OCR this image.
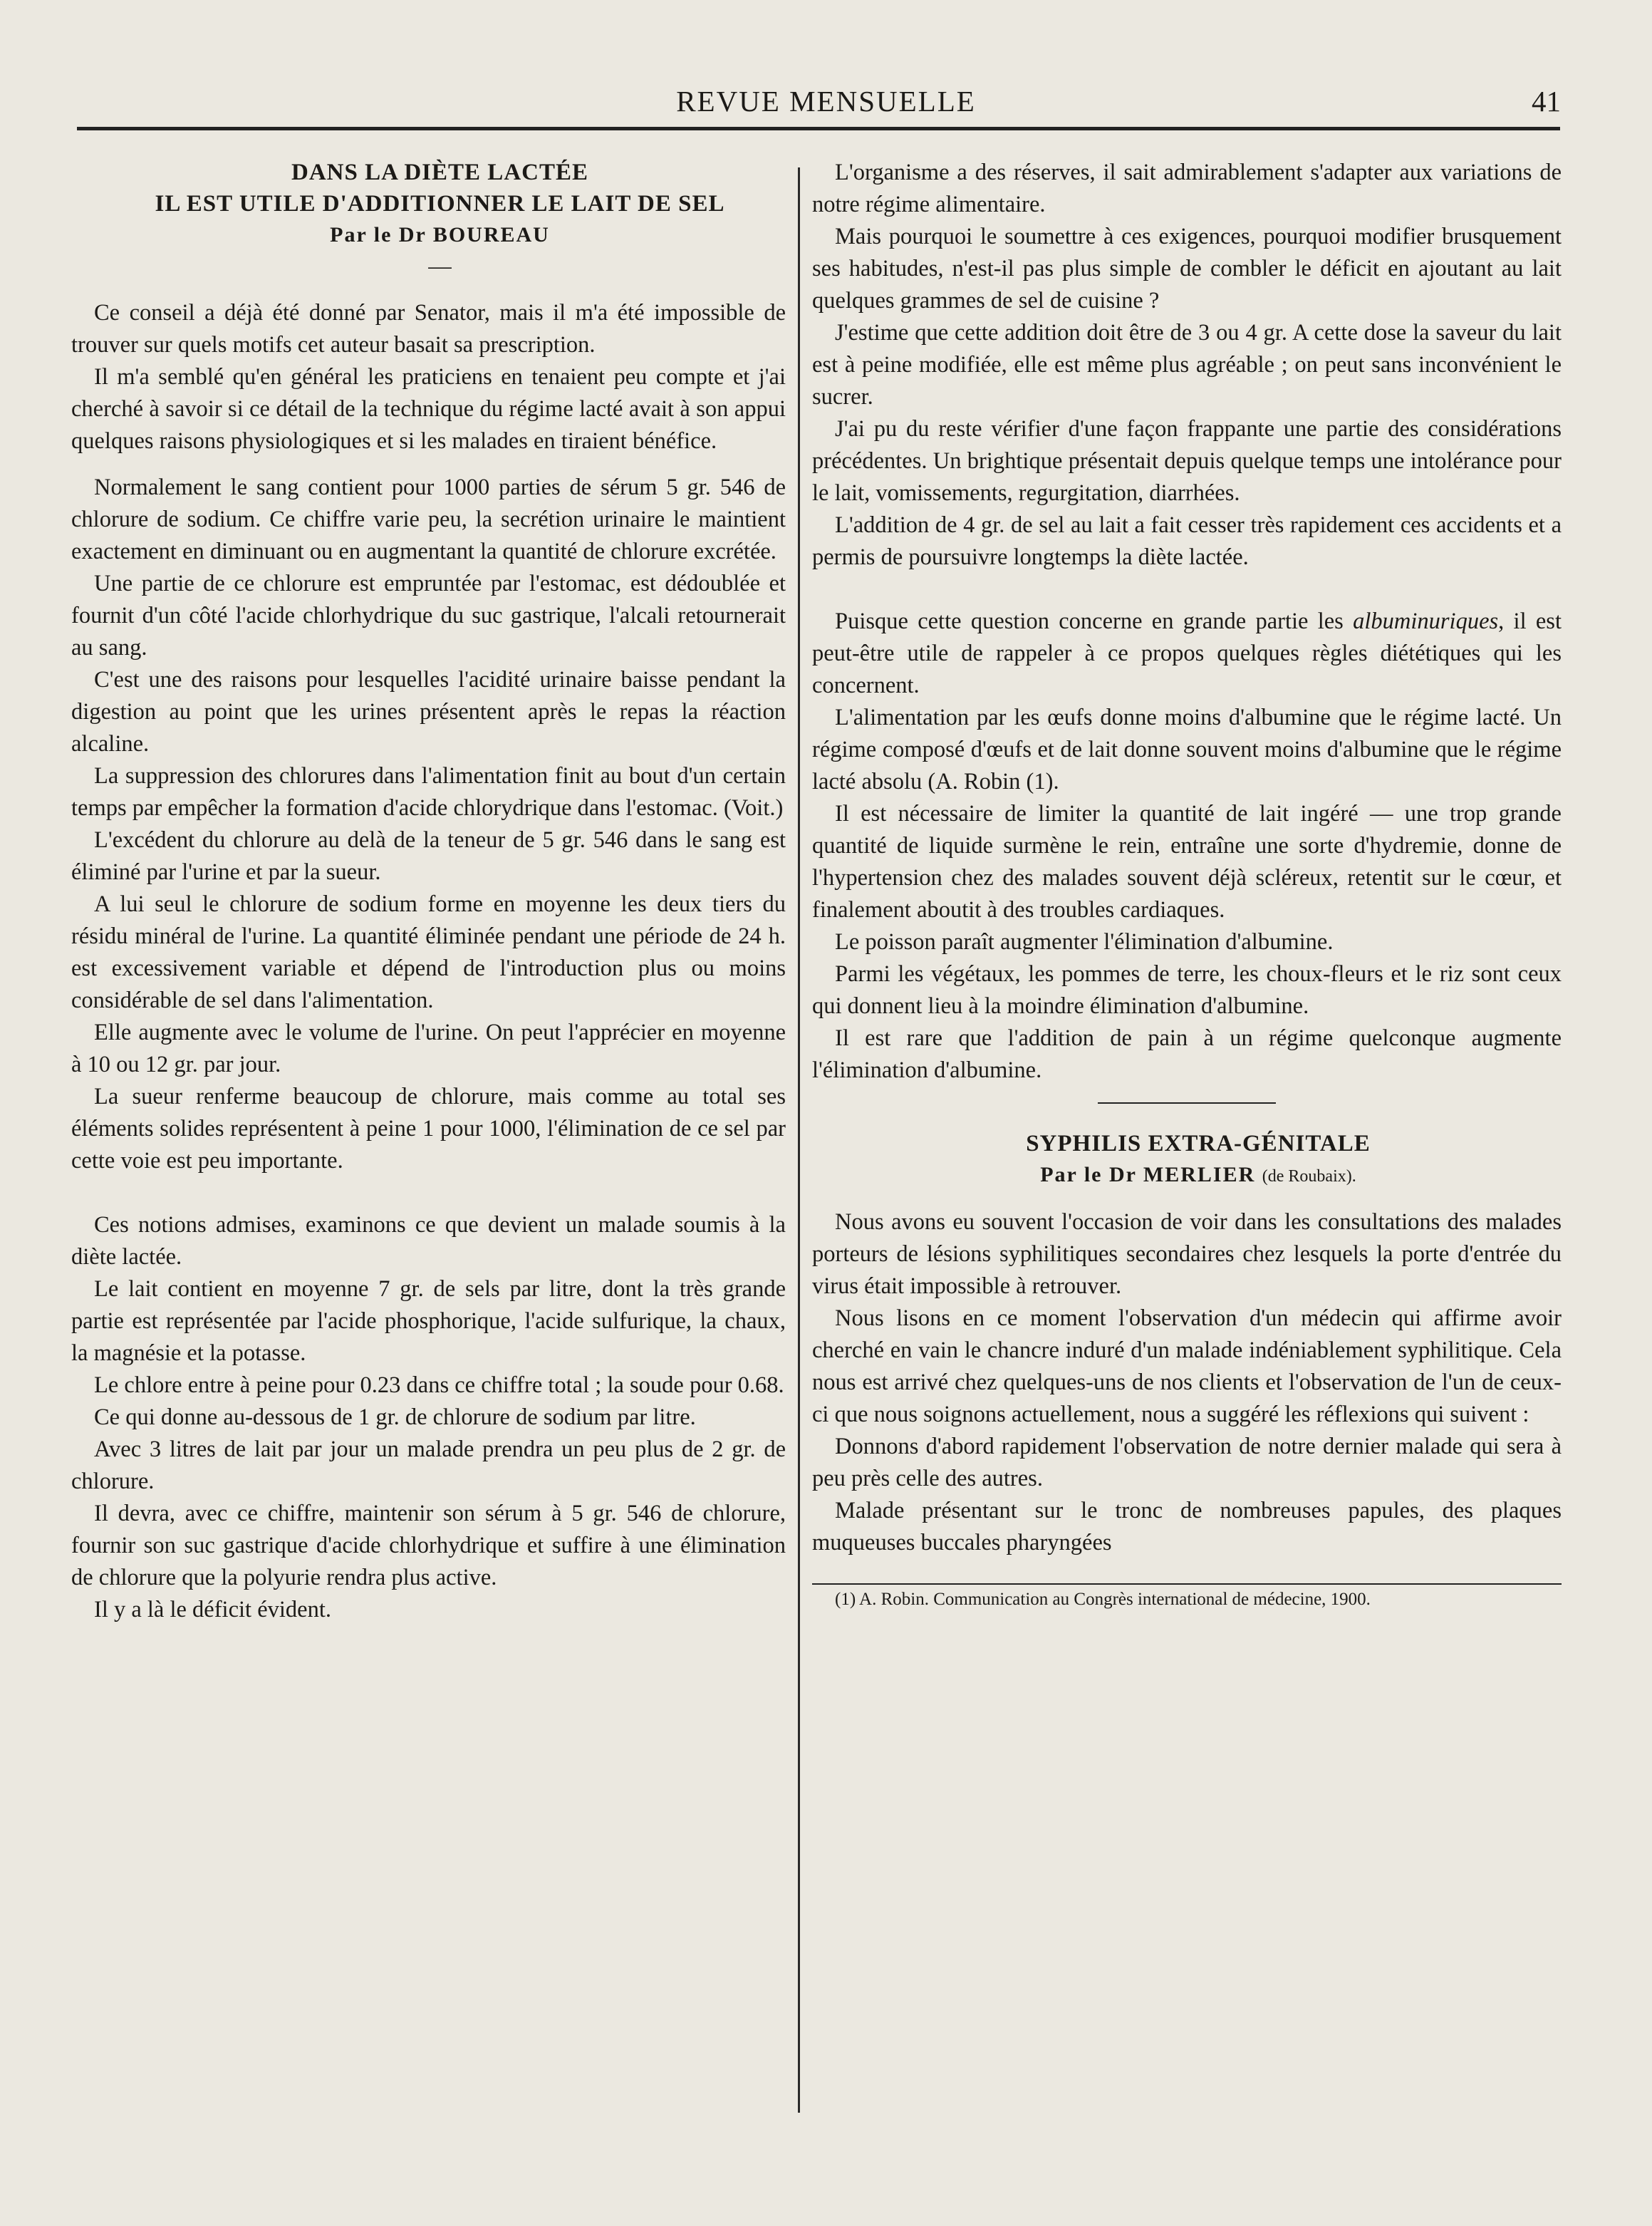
REVUE MENSUELLE	41

DANS LA DIÈTE LACTÉE

IL EST UTILE D'ADDITIONNER LE LAIT DE SEL

Par le Dr BOUREAU

—

Ce conseil a déjà été donné par Senator, mais il m'a été impossible de trouver sur quels motifs cet auteur basait sa prescription.

Il m'a semblé qu'en général les praticiens en tenaient peu compte et j'ai cherché à savoir si ce détail de la technique du régime lacté avait à son appui quelques raisons physiologiques et si les malades en tiraient bénéfice.

Normalement le sang contient pour 1000 parties de sérum 5 gr. 546 de chlorure de sodium. Ce chiffre varie peu, la secrétion urinaire le maintient exactement en diminuant ou en augmentant la quantité de chlorure excrétée.

Une partie de ce chlorure est empruntée par l'estomac, est dédoublée et fournit d'un côté l'acide chlorhydrique du suc gastrique, l'alcali retournerait au sang.

C'est une des raisons pour lesquelles l'acidité urinaire baisse pendant la digestion au point que les urines présentent après le repas la réaction alcaline.

La suppression des chlorures dans l'alimentation finit au bout d'un certain temps par empêcher la formation d'acide chlorydrique dans l'estomac. (Voit.)

L'excédent du chlorure au delà de la teneur de 5 gr. 546 dans le sang est éliminé par l'urine et par la sueur.

A lui seul le chlorure de sodium forme en moyenne les deux tiers du résidu minéral de l'urine. La quantité éliminée pendant une période de 24 h. est excessivement variable et dépend de l'introduction plus ou moins considérable de sel dans l'alimentation.

Elle augmente avec le volume de l'urine. On peut l'apprécier en moyenne à 10 ou 12 gr. par jour.

La sueur renferme beaucoup de chlorure, mais comme au total ses éléments solides représentent à peine 1 pour 1000, l'élimination de ce sel par cette voie est peu importante.

Ces notions admises, examinons ce que devient un malade soumis à la diète lactée.

Le lait contient en moyenne 7 gr. de sels par litre, dont la très grande partie est représentée par l'acide phosphorique, l'acide sulfurique, la chaux, la magnésie et la potasse.

Le chlore entre à peine pour 0.23 dans ce chiffre total ; la soude pour 0.68.

Ce qui donne au-dessous de 1 gr. de chlorure de sodium par litre.

Avec 3 litres de lait par jour un malade prendra un peu plus de 2 gr. de chlorure.

Il devra, avec ce chiffre, maintenir son sérum à 5 gr. 546 de chlorure, fournir son suc gastrique d'acide chlorhydrique et suffire à une élimination de chlorure que la polyurie rendra plus active.

Il y a là le déficit évident.

L'organisme a des réserves, il sait admirablement s'adapter aux variations de notre régime alimentaire.

Mais pourquoi le soumettre à ces exigences, pourquoi modifier brusquement ses habitudes, n'est-il pas plus simple de combler le déficit en ajoutant au lait quelques grammes de sel de cuisine ?

J'estime que cette addition doit être de 3 ou 4 gr. A cette dose la saveur du lait est à peine modifiée, elle est même plus agréable ; on peut sans inconvénient le sucrer.

J'ai pu du reste vérifier d'une façon frappante une partie des considérations précédentes. Un brightique présentait depuis quelque temps une intolérance pour le lait, vomissements, regurgitation, diarrhées.

L'addition de 4 gr. de sel au lait a fait cesser très rapidement ces accidents et a permis de poursuivre longtemps la diète lactée.

Puisque cette question concerne en grande partie les albuminuriques, il est peut-être utile de rappeler à ce propos quelques règles diététiques qui les concernent.

L'alimentation par les œufs donne moins d'albumine que le régime lacté. Un régime composé d'œufs et de lait donne souvent moins d'albumine que le régime lacté absolu (A. Robin (1).

Il est nécessaire de limiter la quantité de lait ingéré — une trop grande quantité de liquide surmène le rein, entraîne une sorte d'hydremie, donne de l'hypertension chez des malades souvent déjà scléreux, retentit sur le cœur, et finalement aboutit à des troubles cardiaques.

Le poisson paraît augmenter l'élimination d'albumine.

Parmi les végétaux, les pommes de terre, les choux-fleurs et le riz sont ceux qui donnent lieu à la moindre élimination d'albumine.

Il est rare que l'addition de pain à un régime quelconque augmente l'élimination d'albumine.

SYPHILIS EXTRA-GÉNITALE

Par le Dr MERLIER (de Roubaix).

Nous avons eu souvent l'occasion de voir dans les consultations des malades porteurs de lésions syphilitiques secondaires chez lesquels la porte d'entrée du virus était impossible à retrouver.

Nous lisons en ce moment l'observation d'un médecin qui affirme avoir cherché en vain le chancre induré d'un malade indéniablement syphilitique. Cela nous est arrivé chez quelques-uns de nos clients et l'observation de l'un de ceux-ci que nous soignons actuellement, nous a suggéré les réflexions qui suivent :

Donnons d'abord rapidement l'observation de notre dernier malade qui sera à peu près celle des autres.

Malade présentant sur le tronc de nombreuses papules, des plaques muqueuses buccales pharyngées

(1) A. Robin. Communication au Congrès international de médecine, 1900.
